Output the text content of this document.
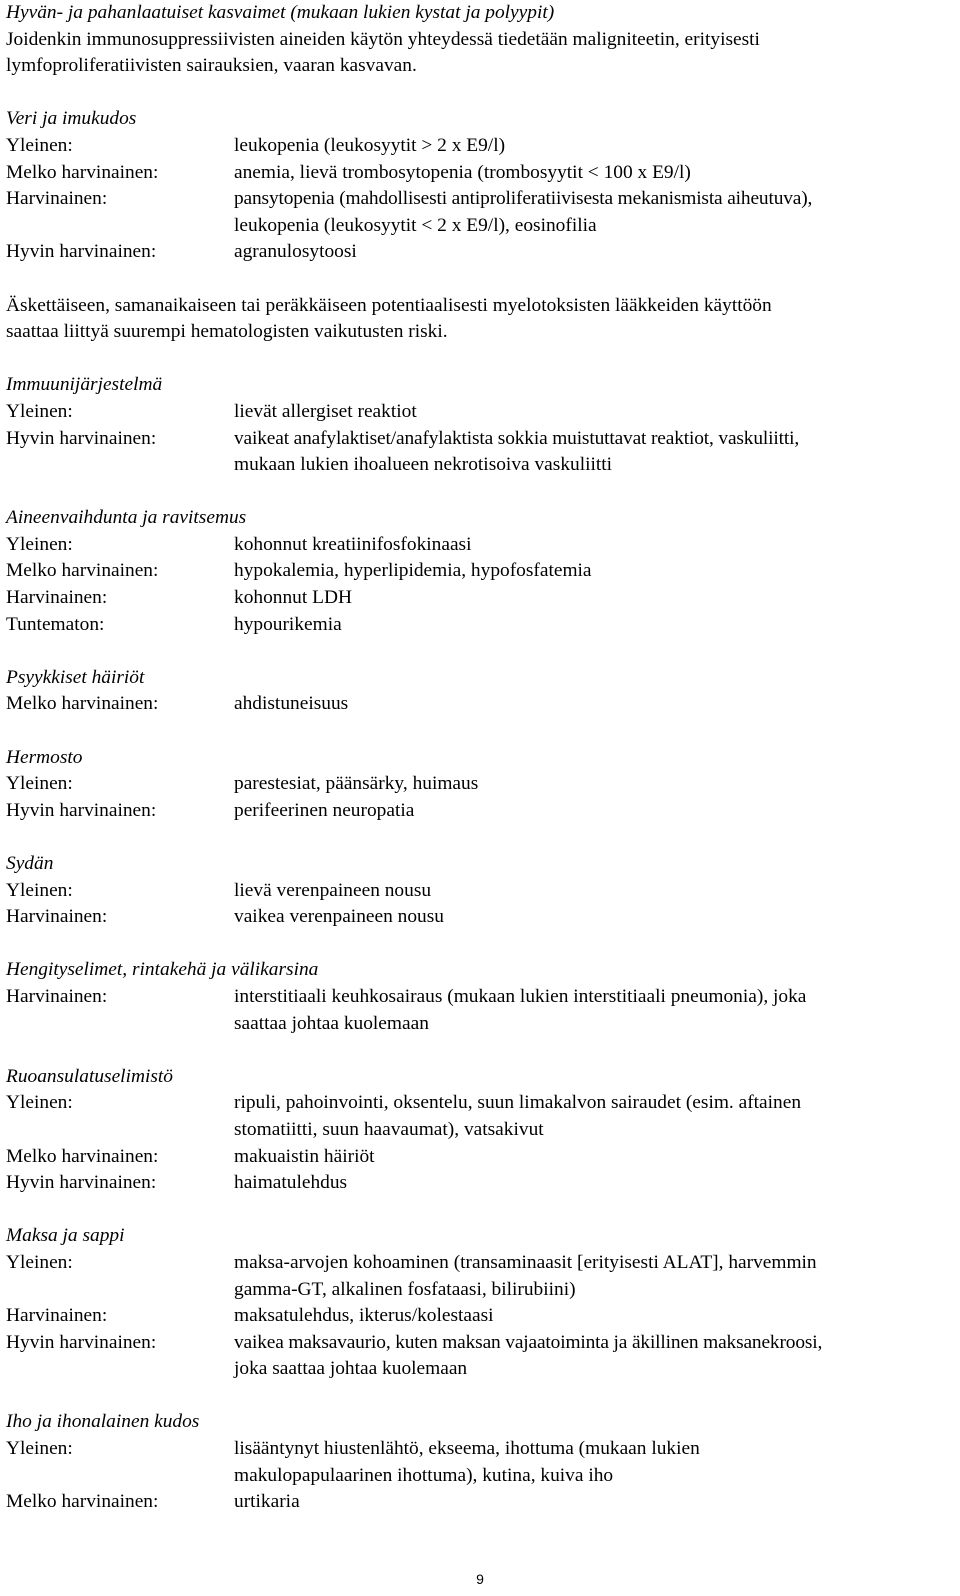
Hyvän- ja pahanlaatuiset kasvaimet (mukaan lukien kystat ja polyypit)
Joidenkin immunosuppressiivisten aineiden käytön yhteydessä tiedetään maligniteetin, erityisesti
lymfoproliferatiivisten sairauksien, vaaran kasvavan.
Veri ja imukudos
Yleinen:	leukopenia (leukosyytit > 2 x E9/l)
Melko harvinainen:	anemia, lievä trombosytopenia (trombosyytit < 100 x E9/l)
Harvinainen:	pansytopenia (mahdollisesti antiproliferatiivisesta mekanismista aiheutuva),
leukopenia (leukosyytit < 2 x E9/l), eosinofilia
Hyvin harvinainen:	agranulosytoosi
Äskettäiseen, samanaikaiseen tai peräkkäiseen potentiaalisesti myelotoksisten lääkkeiden käyttöön
saattaa liittyä suurempi hematologisten vaikutusten riski.
Immuunijärjestelmä
Yleinen:	lievät allergiset reaktiot
Hyvin harvinainen:	vaikeat anafylaktiset/anafylaktista sokkia muistuttavat reaktiot, vaskuliitti,
mukaan lukien ihoalueen nekrotisoiva vaskuliitti
Aineenvaihdunta ja ravitsemus
Yleinen:	kohonnut kreatiinifosfokinaasi
Melko harvinainen:	hypokalemia, hyperlipidemia, hypofosfatemia
Harvinainen:	kohonnut LDH
Tuntematon:	hypourikemia
Psyykkiset häiriöt
Melko harvinainen:	ahdistuneisuus
Hermosto
Yleinen:	parestesiat, päänsärky, huimaus
Hyvin harvinainen:	perifeerinen neuropatia
Sydän
Yleinen:	lievä verenpaineen nousu
Harvinainen:	vaikea verenpaineen nousu
Hengityselimet, rintakehä ja välikarsina
Harvinainen:	interstitiaali keuhkosairaus (mukaan lukien interstitiaali pneumonia), joka
saattaa johtaa kuolemaan
Ruoansulatuselimistö
Yleinen:	ripuli, pahoinvointi, oksentelu, suun limakalvon sairaudet (esim. aftainen
stomatiitti, suun haavaumat), vatsakivut
Melko harvinainen:	makuaistin häiriöt
Hyvin harvinainen:	haimatulehdus
Maksa ja sappi
Yleinen:	maksa-arvojen kohoaminen (transaminaasit [erityisesti ALAT], harvemmin
gamma-GT, alkalinen fosfataasi, bilirubiini)
Harvinainen:	maksatulehdus, ikterus/kolestaasi
Hyvin harvinainen:	vaikea maksavaurio, kuten maksan vajaatoiminta ja äkillinen maksanekroosi,
joka saattaa johtaa kuolemaan
Iho ja ihonalainen kudos
Yleinen:	lisääntynyt hiustenlähtö, ekseema, ihottuma (mukaan lukien
makulopapulaarinen ihottuma), kutina, kuiva iho
Melko harvinainen:	urtikaria
9
